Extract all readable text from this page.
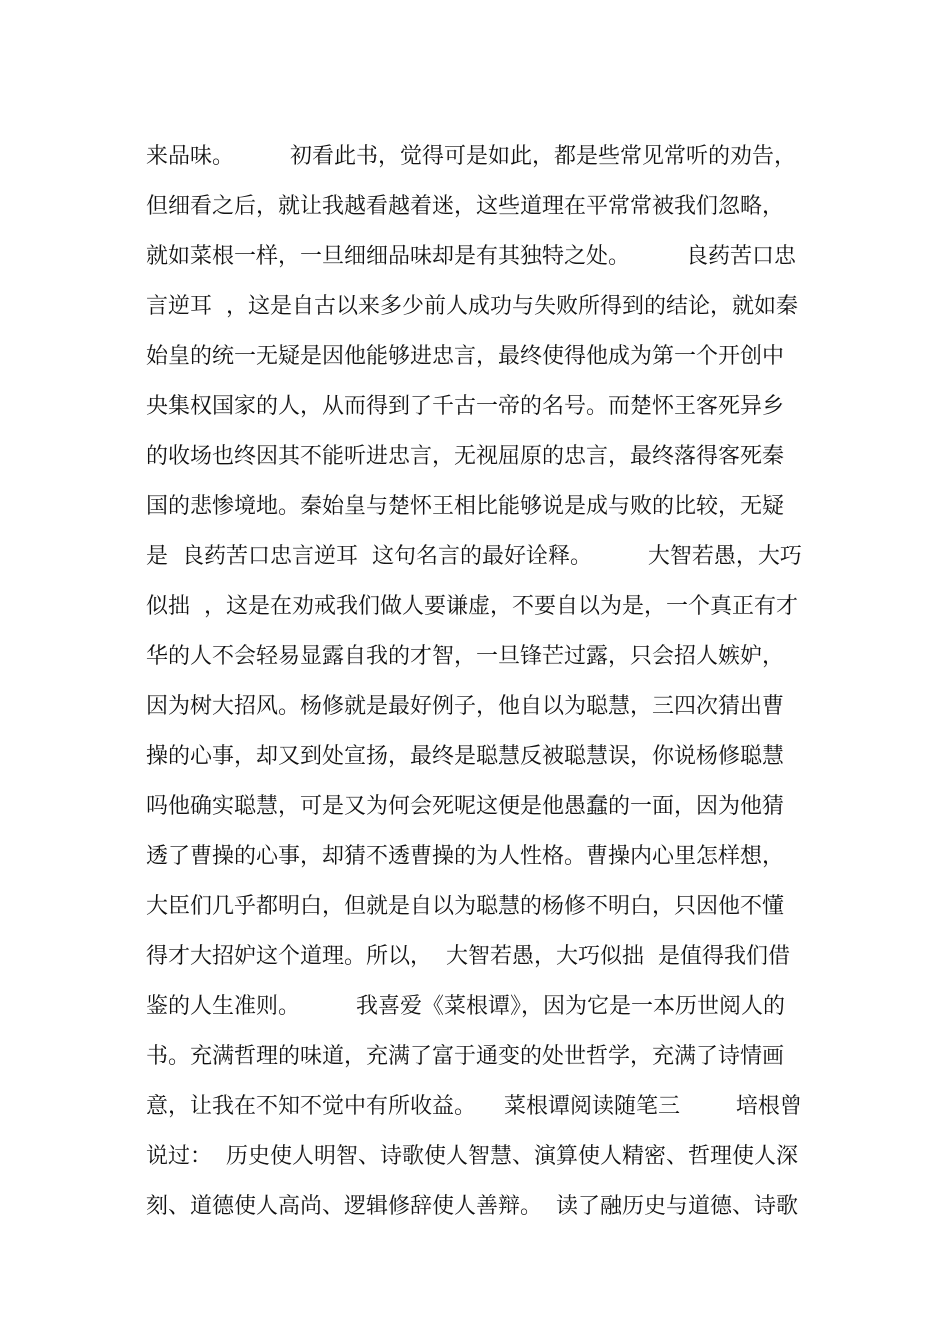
来品味。        初看此书，觉得可是如此，都是些常见常听的劝告，
但细看之后，就让我越看越着迷，这些道理在平常常被我们忽略，
就如菜根一样，一旦细细品味却是有其独特之处。        良药苦口忠
言逆耳  ，这是自古以来多少前人成功与失败所得到的结论，就如秦
始皇的统一无疑是因他能够进忠言，最终使得他成为第一个开创中
央集权国家的人，从而得到了千古一帝的名号。而楚怀王客死异乡
的收场也终因其不能听进忠言，无视屈原的忠言，最终落得客死秦
国的悲惨境地。秦始皇与楚怀王相比能够说是成与败的比较，无疑
是  良药苦口忠言逆耳  这句名言的最好诠释。        大智若愚，大巧
似拙  ，这是在劝戒我们做人要谦虚，不要自以为是，一个真正有才
华的人不会轻易显露自我的才智，一旦锋芒过露，只会招人嫉妒，
因为树大招风。杨修就是最好例子，他自以为聪慧，三四次猜出曹
操的心事，却又到处宣扬，最终是聪慧反被聪慧误，你说杨修聪慧
吗他确实聪慧，可是又为何会死呢这便是他愚蠢的一面，因为他猜
透了曹操的心事，却猜不透曹操的为人性格。曹操内心里怎样想，
大臣们几乎都明白，但就是自以为聪慧的杨修不明白，只因他不懂
得才大招妒这个道理。所以，  大智若愚，大巧似拙  是值得我们借
鉴的人生准则。        我喜爱《菜根谭》，因为它是一本历世阅人的
书。充满哲理的味道，充满了富于通变的处世哲学，充满了诗情画
意，让我在不知不觉中有所收益。    菜根谭阅读随笔三        培根曾
说过：  历史使人明智、诗歌使人智慧、演算使人精密、哲理使人深
刻、道德使人高尚、逻辑修辞使人善辩。  读了融历史与道德、诗歌
